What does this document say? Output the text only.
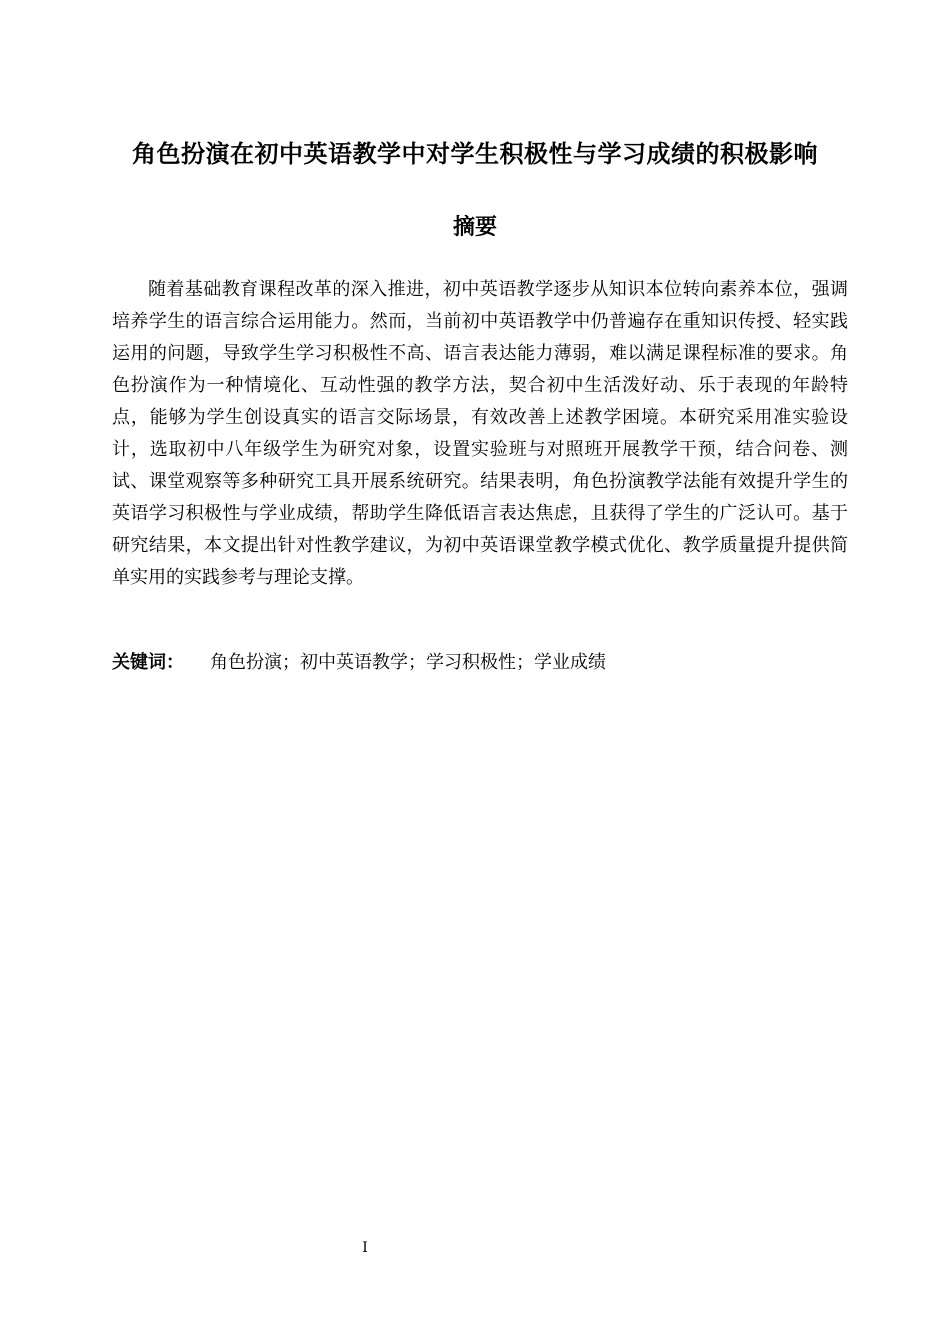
角色扮演在初中英语教学中对学生积极性与学习成绩的积极影响
摘要

随着基础教育课程改革的深入推进，初中英语教学逐步从知识本位转向素养本位，强调培养学生的语言综合运用能力。然而，当前初中英语教学中仍普遍存在重知识传授、轻实践运用的问题，导致学生学习积极性不高、语言表达能力薄弱，难以满足课程标准的要求。角色扮演作为一种情境化、互动性强的教学方法，契合初中生活泼好动、乐于表现的年龄特点，能够为学生创设真实的语言交际场景，有效改善上述教学困境。本研究采用准实验设计，选取初中八年级学生为研究对象，设置实验班与对照班开展教学干预，结合问卷、测试、课堂观察等多种研究工具开展系统研究。结果表明，角色扮演教学法能有效提升学生的英语学习积极性与学业成绩，帮助学生降低语言表达焦虑，且获得了学生的广泛认可。基于研究结果，本文提出针对性教学建议，为初中英语课堂教学模式优化、教学质量提升提供简单实用的实践参考与理论支撑。

关键词： 角色扮演；初中英语教学；学习积极性；学业成绩
I
